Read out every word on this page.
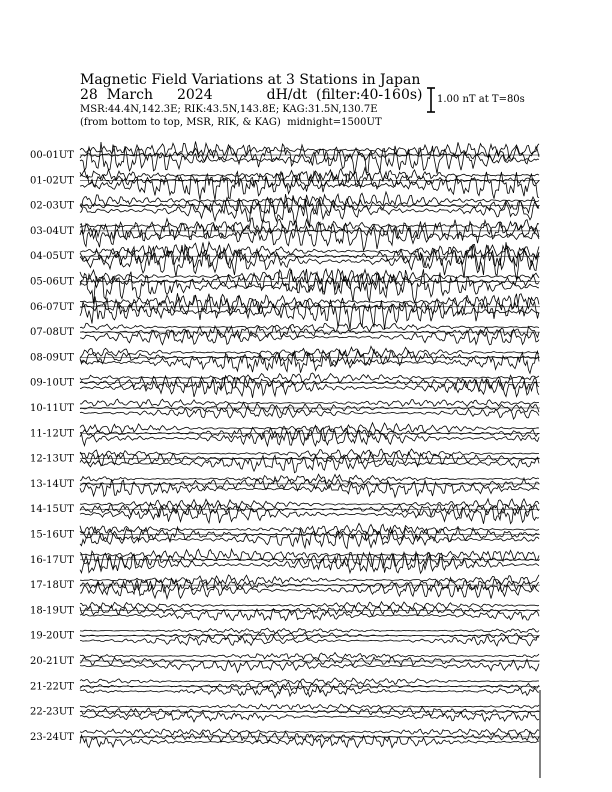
Magnetic Field Variations at 3 Stations in Japan
28 March 2024	dH/dt (filter:40-160s)
MSR:44.4N,142.3E; RIK:43.5N,143.8E; KAG:31.5N,130.7E
(from bottom to top, MSR, RIK, & KAG) midnight=1500UT
1.00 nT at T=80s
00-01UT
01-02UT
02-03UT
03-04UT
04-05UT
05-06UT
06-07UT
07-08UT
08-09UT
09-10UT
10-11UT
11-12UT
12-13UT
13-14UT
14-15UT
15-16UT
16-17UT
17-18UT
18-19UT
19-20UT
20-21UT
21-22UT
22-23UT
23-24UT
